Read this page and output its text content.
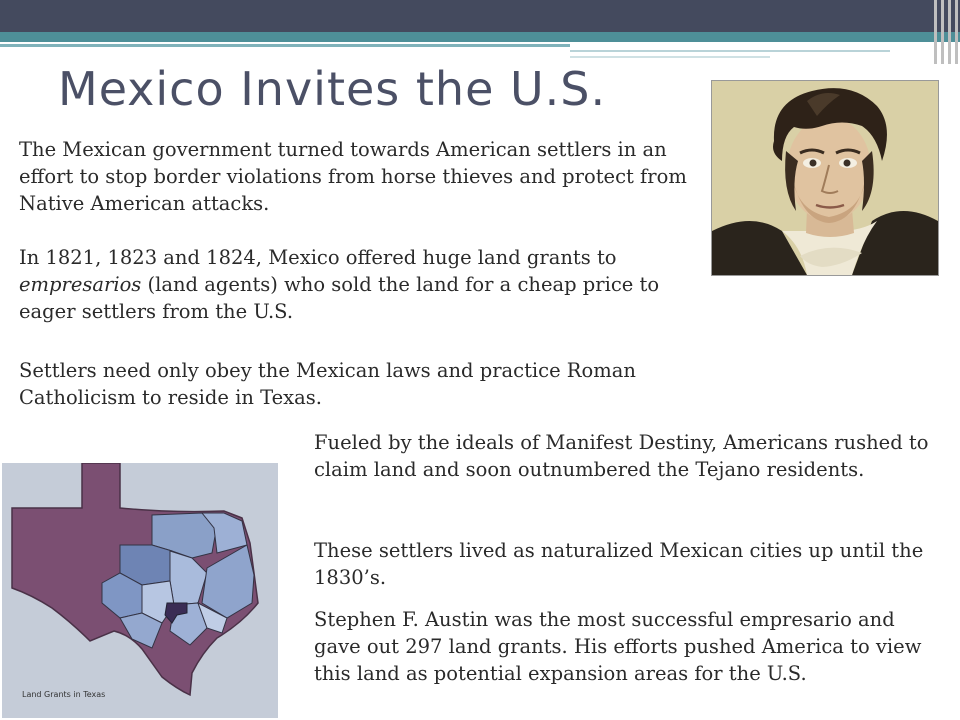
Mexico Invites the U.S.

The Mexican government turned towards American settlers in an effort to stop border violations from horse thieves and protect from Native American attacks.

In 1821, 1823 and 1824, Mexico offered huge land grants to empresarios (land agents) who sold the land for a cheap price to eager settlers from the U.S.

Settlers need only obey the Mexican laws and practice Roman Catholicism to reside in Texas.

Fueled by the ideals of Manifest Destiny, Americans rushed to claim land and soon outnumbered the Tejano residents.

These settlers lived as naturalized Mexican cities up until the 1830’s.

Stephen F. Austin was the most successful empresario and gave out 297 land grants. His efforts pushed America to view this land as potential expansion areas for the U.S.

Land Grants in Texas
